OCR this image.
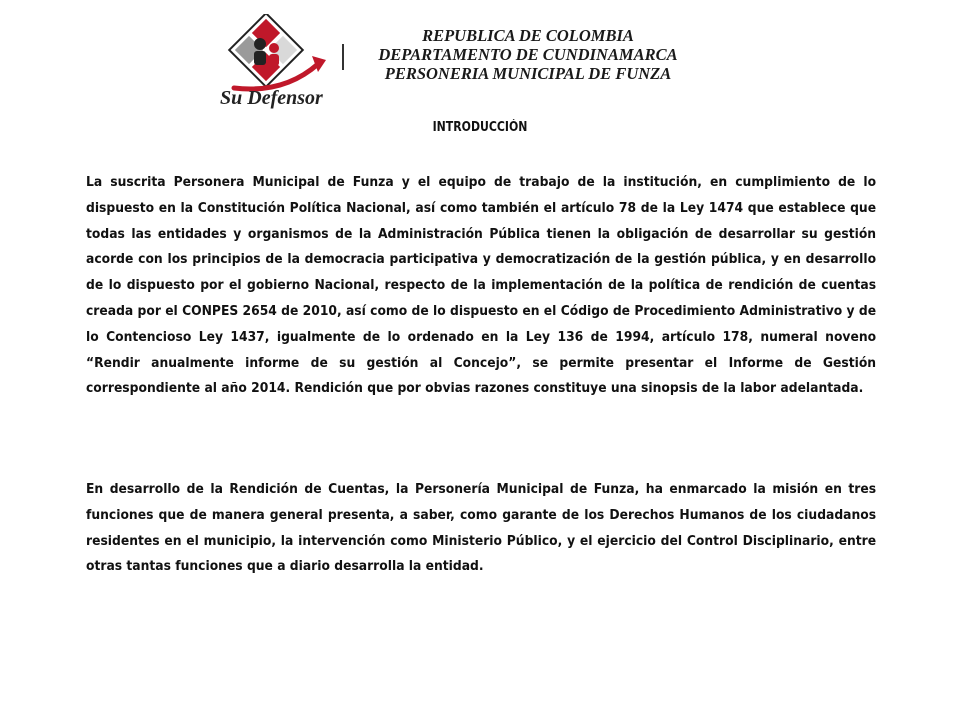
Su Defensor
REPUBLICA DE COLOMBIA
DEPARTAMENTO DE CUNDINAMARCA
PERSONERIA MUNICIPAL DE FUNZA
INTRODUCCIÓN
La suscrita Personera Municipal de Funza y el equipo de trabajo de la institución, en cumplimiento de lo dispuesto en la Constitución Política Nacional, así como también el artículo 78 de la Ley 1474 que establece que todas las entidades y organismos de la Administración Pública tienen la obligación de desarrollar su gestión acorde con los principios de la democracia participativa y democratización de la gestión pública, y en desarrollo de lo dispuesto por el gobierno Nacional, respecto de la implementación de la política de rendición de cuentas creada por el CONPES 2654 de 2010, así como de lo dispuesto en el Código de Procedimiento Administrativo y de lo Contencioso Ley 1437, igualmente de lo ordenado en la Ley 136 de 1994, artículo 178, numeral noveno “Rendir anualmente informe de su gestión al Concejo”, se permite presentar el Informe de Gestión correspondiente al año 2014. Rendición que por obvias razones constituye una sinopsis de la labor adelantada.
En desarrollo de la Rendición de Cuentas, la Personería Municipal de Funza, ha enmarcado la misión en tres funciones que de manera general presenta, a saber, como garante de los Derechos Humanos de los ciudadanos residentes en el municipio, la intervención como Ministerio Público, y el ejercicio del Control Disciplinario, entre otras tantas funciones que a diario desarrolla la entidad.
